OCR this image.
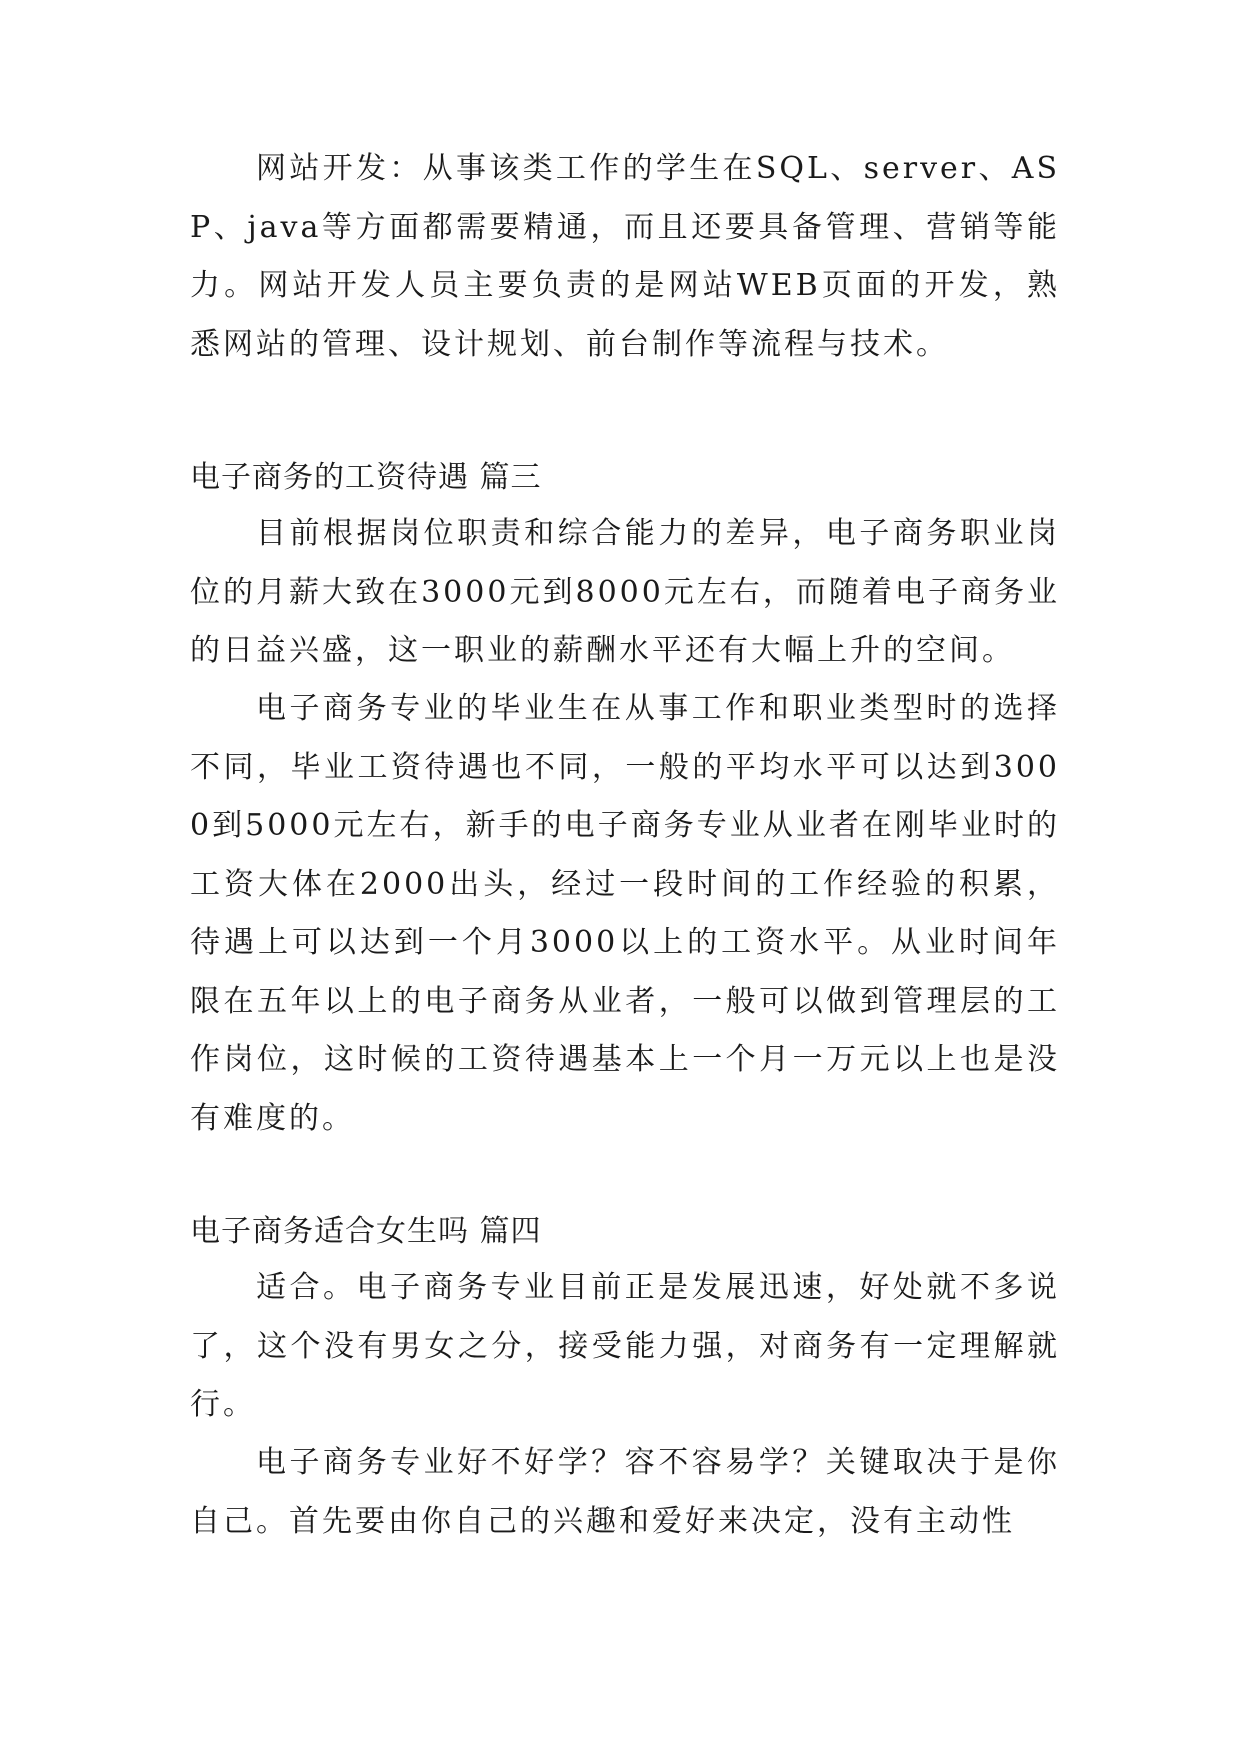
网站开发：从事该类工作的学生在SQL、server、ASP、java等方面都需要精通，而且还要具备管理、营销等能力。网站开发人员主要负责的是网站WEB页面的开发，熟悉网站的管理、设计规划、前台制作等流程与技术。

电子商务的工资待遇 篇三

目前根据岗位职责和综合能力的差异，电子商务职业岗位的月薪大致在3000元到8000元左右，而随着电子商务业的日益兴盛，这一职业的薪酬水平还有大幅上升的空间。

电子商务专业的毕业生在从事工作和职业类型时的选择不同，毕业工资待遇也不同，一般的平均水平可以达到3000到5000元左右，新手的电子商务专业从业者在刚毕业时的工资大体在2000出头，经过一段时间的工作经验的积累，待遇上可以达到一个月3000以上的工资水平。从业时间年限在五年以上的电子商务从业者，一般可以做到管理层的工作岗位，这时候的工资待遇基本上一个月一万元以上也是没有难度的。

电子商务适合女生吗 篇四

适合。电子商务专业目前正是发展迅速，好处就不多说了，这个没有男女之分，接受能力强，对商务有一定理解就行。

电子商务专业好不好学？容不容易学？关键取决于是你自己。首先要由你自己的兴趣和爱好来决定，没有主动性
